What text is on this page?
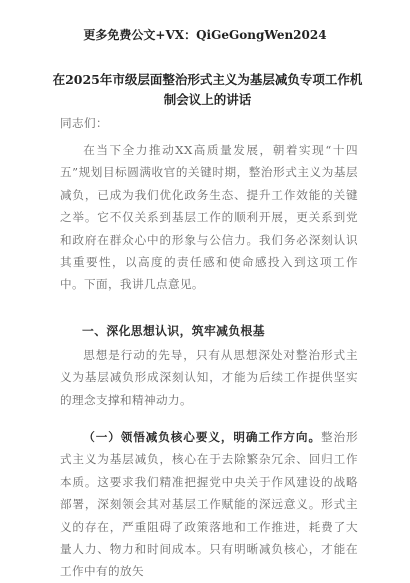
更多免费公文+VX：QiGeGongWen2024
在2025年市级层面整治形式主义为基层减负专项工作机制会议上的讲话
同志们：
在当下全力推动XX高质量发展，朝着实现“十四五”规划目标圆满收官的关键时期，整治形式主义为基层减负，已成为我们优化政务生态、提升工作效能的关键之举。它不仅关系到基层工作的顺利开展，更关系到党和政府在群众心中的形象与公信力。我们务必深刻认识其重要性，以高度的责任感和使命感投入到这项工作中。下面，我讲几点意见。
一、深化思想认识，筑牢减负根基
思想是行动的先导，只有从思想深处对整治形式主义为基层减负形成深刻认知，才能为后续工作提供坚实的理念支撑和精神动力。
（一）领悟减负核心要义，明确工作方向。整治形式主义为基层减负，核心在于去除繁杂冗余、回归工作本质。这要求我们精准把握党中央关于作风建设的战略部署，深刻领会其对基层工作赋能的深远意义。形式主义的存在，严重阻碍了政策落地和工作推进，耗费了大量人力、物力和时间成本。只有明晰减负核心，才能在工作中有的放矢
